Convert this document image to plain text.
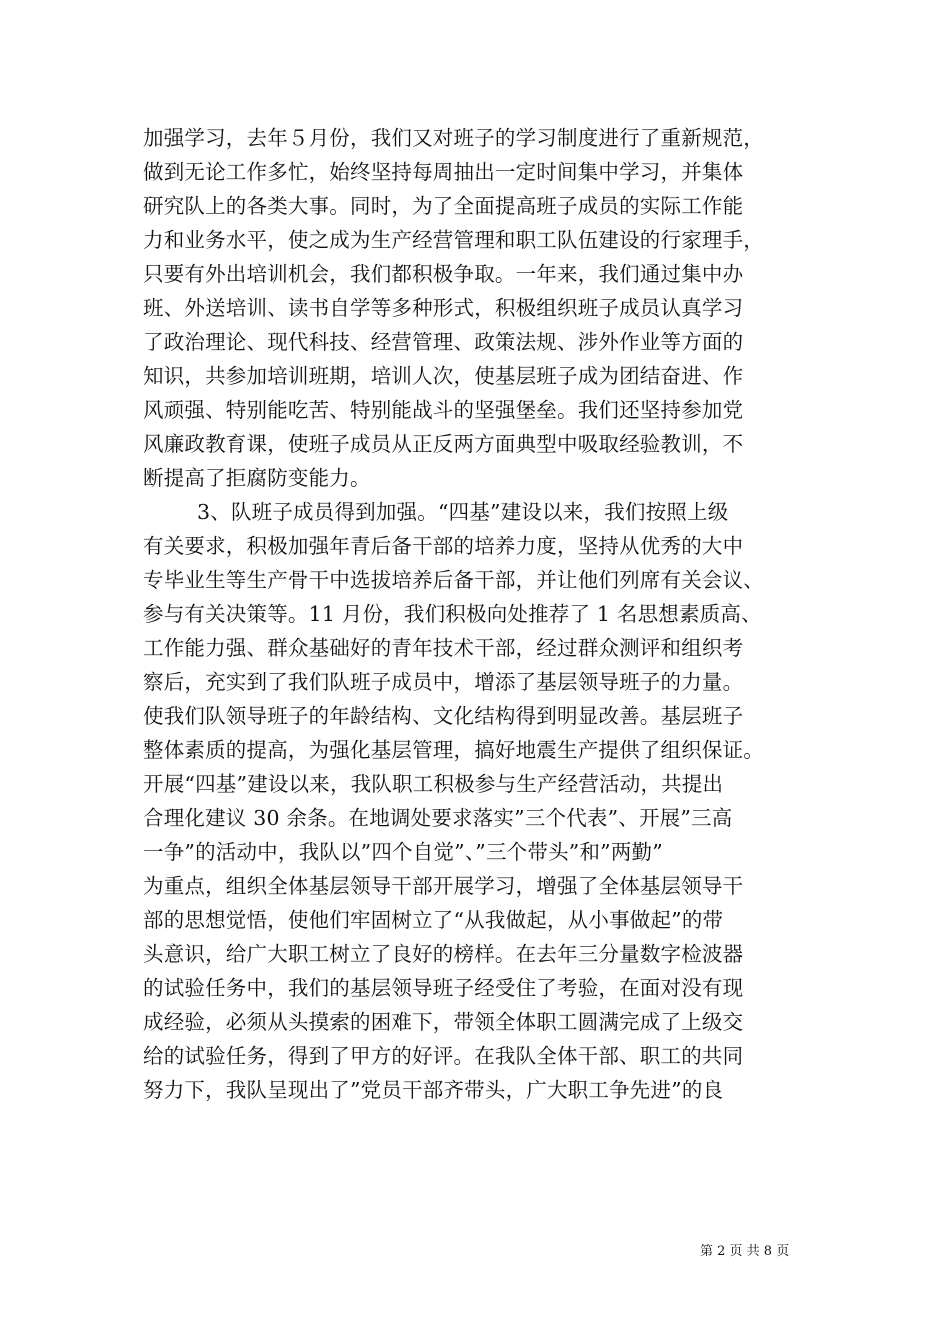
加强学习，去年５月份，我们又对班子的学习制度进行了重新规范，
做到无论工作多忙，始终坚持每周抽出一定时间集中学习，并集体
研究队上的各类大事。同时，为了全面提高班子成员的实际工作能
力和业务水平，使之成为生产经营管理和职工队伍建设的行家理手，
只要有外出培训机会，我们都积极争取。一年来，我们通过集中办
班、外送培训、读书自学等多种形式，积极组织班子成员认真学习
了政治理论、现代科技、经营管理、政策法规、涉外作业等方面的
知识，共参加培训班期，培训人次，使基层班子成为团结奋进、作
风顽强、特别能吃苦、特别能战斗的坚强堡垒。我们还坚持参加党
风廉政教育课，使班子成员从正反两方面典型中吸取经验教训，不
断提高了拒腐防变能力。
3、队班子成员得到加强。“四基”建设以来，我们按照上级
有关要求，积极加强年青后备干部的培养力度，坚持从优秀的大中
专毕业生等生产骨干中选拔培养后备干部，并让他们列席有关会议、
参与有关决策等。11 月份，我们积极向处推荐了 1 名思想素质高、
工作能力强、群众基础好的青年技术干部，经过群众测评和组织考
察后，充实到了我们队班子成员中，增添了基层领导班子的力量。
使我们队领导班子的年龄结构、文化结构得到明显改善。基层班子
整体素质的提高，为强化基层管理，搞好地震生产提供了组织保证。
开展“四基”建设以来，我队职工积极参与生产经营活动，共提出
合理化建议 30 余条。在地调处要求落实”三个代表”、开展”三高
一争”的活动中，我队以”四个自觉”、”三个带头”和”两勤”
为重点，组织全体基层领导干部开展学习，增强了全体基层领导干
部的思想觉悟，使他们牢固树立了“从我做起，从小事做起”的带
头意识，给广大职工树立了良好的榜样。在去年三分量数字检波器
的试验任务中，我们的基层领导班子经受住了考验，在面对没有现
成经验，必须从头摸索的困难下，带领全体职工圆满完成了上级交
给的试验任务，得到了甲方的好评。在我队全体干部、职工的共同
努力下，我队呈现出了”党员干部齐带头，广大职工争先进”的良
第 2 页 共 8 页
